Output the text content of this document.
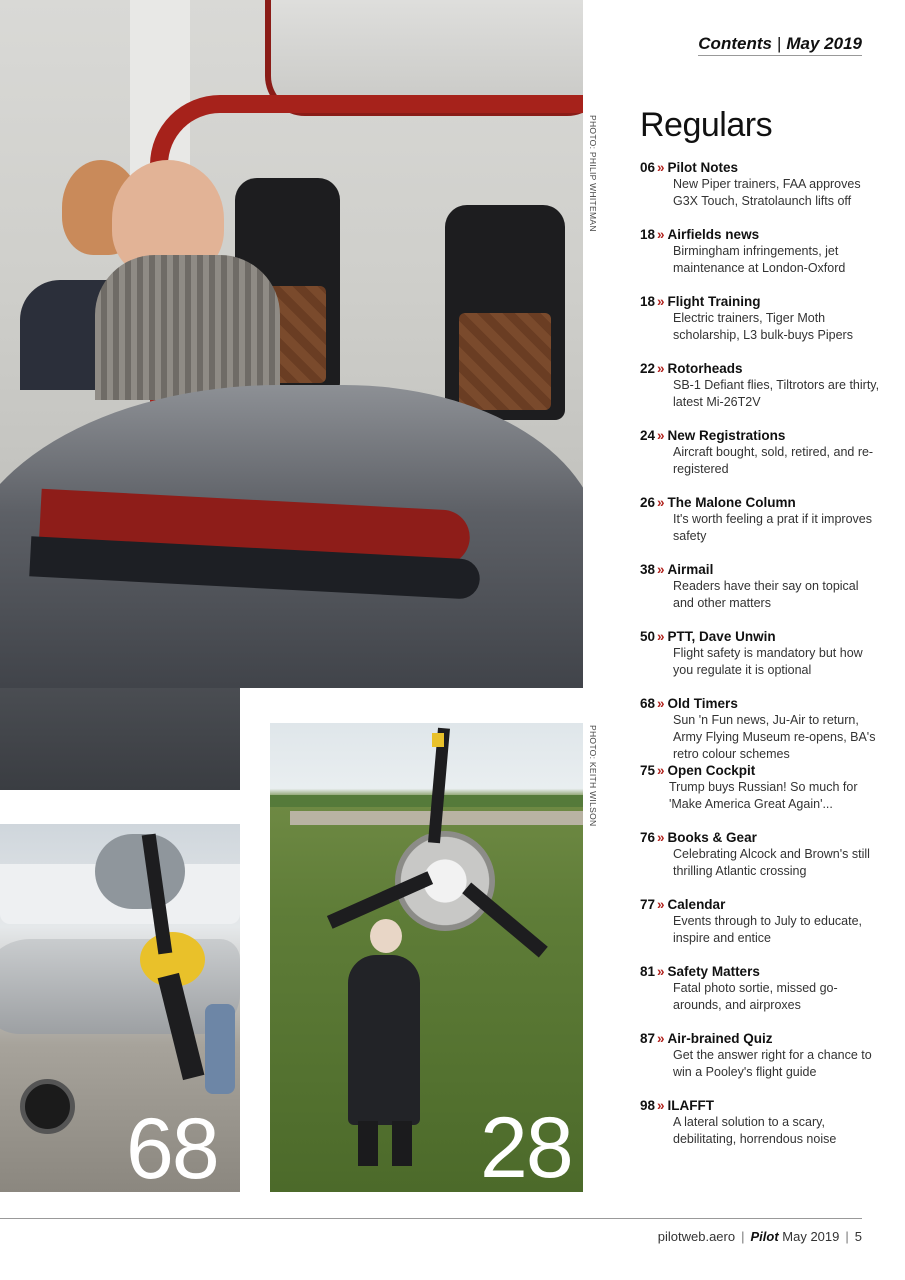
PHOTO: PHILIP WHITEMAN
68	28
PHOTO: KEITH WILSON
Contents | May 2019
Regulars
06 » Pilot Notes
New Piper trainers, FAA approves G3X Touch, Stratolaunch lifts off
18 » Airfields news
Birmingham infringements, jet maintenance at London-Oxford
18 » Flight Training
Electric trainers, Tiger Moth scholarship, L3 bulk-buys Pipers
22 » Rotorheads
SB-1 Defiant flies, Tiltrotors are thirty, latest Mi-26T2V
24 » New Registrations
Aircraft bought, sold, retired, and re-registered
26 » The Malone Column
It's worth feeling a prat if it improves safety
38 » Airmail
Readers have their say on topical and other matters
50 » PTT, Dave Unwin
Flight safety is mandatory but how you regulate it is optional
68 » Old Timers
Sun 'n Fun news, Ju-Air to return, Army Flying Museum re-opens, BA's retro colour schemes
75 » Open Cockpit
Trump buys Russian! So much for 'Make America Great Again'...
76 » Books & Gear
Celebrating Alcock and Brown's still thrilling Atlantic crossing
77 » Calendar
Events through to July to educate, inspire and entice
81 » Safety Matters
Fatal photo sortie, missed go-arounds, and airproxes
87 » Air-brained Quiz
Get the answer right for a chance to win a Pooley's flight guide
98 » ILAFFT
A lateral solution to a scary, debilitating, horrendous noise
pilotweb.aero | Pilot May 2019 | 5
